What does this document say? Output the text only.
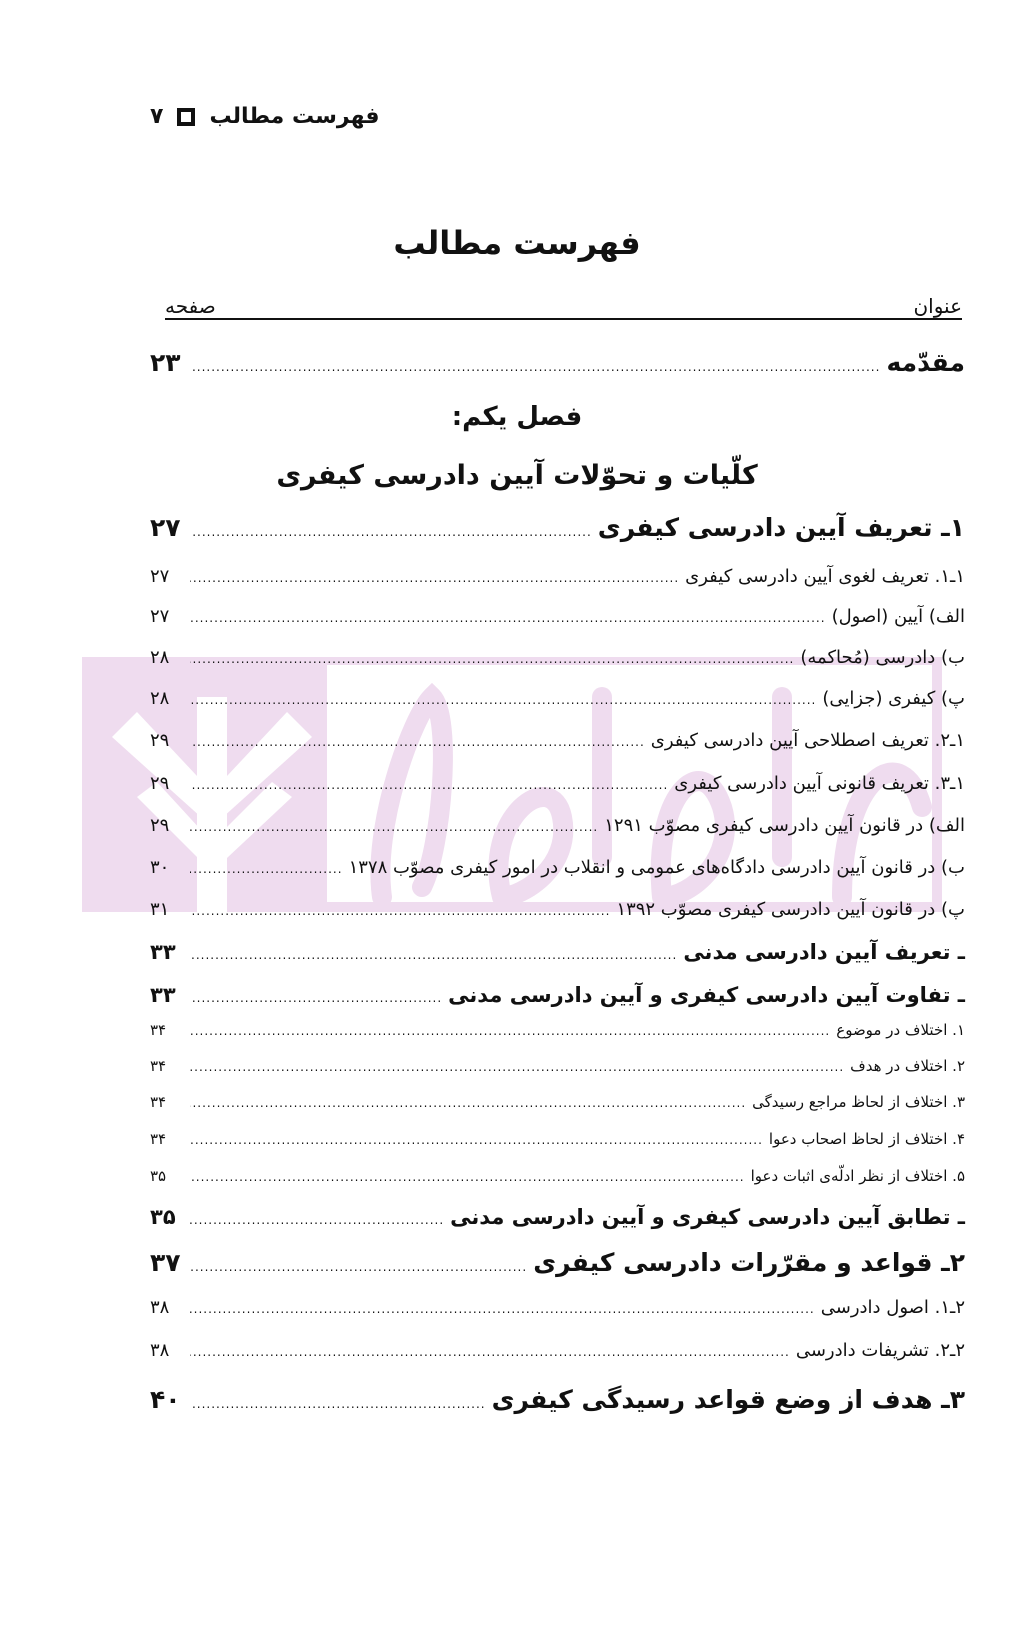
فهرست مطالب
۷
فهرست مطالب
عنوان
صفحه
مقدّمه
.....
۲۳
فصل یکم:
کلّیات و تحوّلات آیین دادرسی کیفری
۱ـ تعریف آیین دادرسی کیفری
.....
۲۷
۱ـ۱. تعریف لغوی آیین دادرسی کیفری
.....
۲۷
الف) آیین (اصول)
.....
۲۷
ب) دادرسی (مُحاکمه)
.....
۲۸
پ) کیفری (جزایی)
.....
۲۸
۱ـ۲. تعریف اصطلاحی آیین دادرسی کیفری
.....
۲۹
۱ـ۳. تعریف قانونی آیین دادرسی کیفری
.....
۲۹
الف) در قانون آیین دادرسی کیفری مصوّب ۱۲۹۱
.....
۲۹
ب) در قانون آیین دادرسی دادگاه‌های عمومی و انقلاب در امور کیفری مصوّب ۱۳۷۸
.....
۳۰
پ) در قانون آیین دادرسی کیفری مصوّب ۱۳۹۲
.....
۳۱
ـ تعریف آیین دادرسی مدنی
.....
۳۳
ـ تفاوت آیین دادرسی کیفری و آیین دادرسی مدنی
.....
۳۳
۱. اختلاف در موضوع
.....
۳۴
۲. اختلاف در هدف
.....
۳۴
۳. اختلاف از لحاظ مراجع رسیدگی
.....
۳۴
۴. اختلاف از لحاظ اصحاب دعوا
.....
۳۴
۵. اختلاف از نظر ادلّه‌ی اثبات دعوا
.....
۳۵
ـ تطابق آیین دادرسی کیفری و آیین دادرسی مدنی
.....
۳۵
۲ـ قواعد و مقرّرات دادرسی کیفری
.....
۳۷
۲ـ۱. اصول دادرسی
.....
۳۸
۲ـ۲. تشریفات دادرسی
.....
۳۸
۳ـ هدف از وضع قواعد رسیدگی کیفری
.....
۴۰
